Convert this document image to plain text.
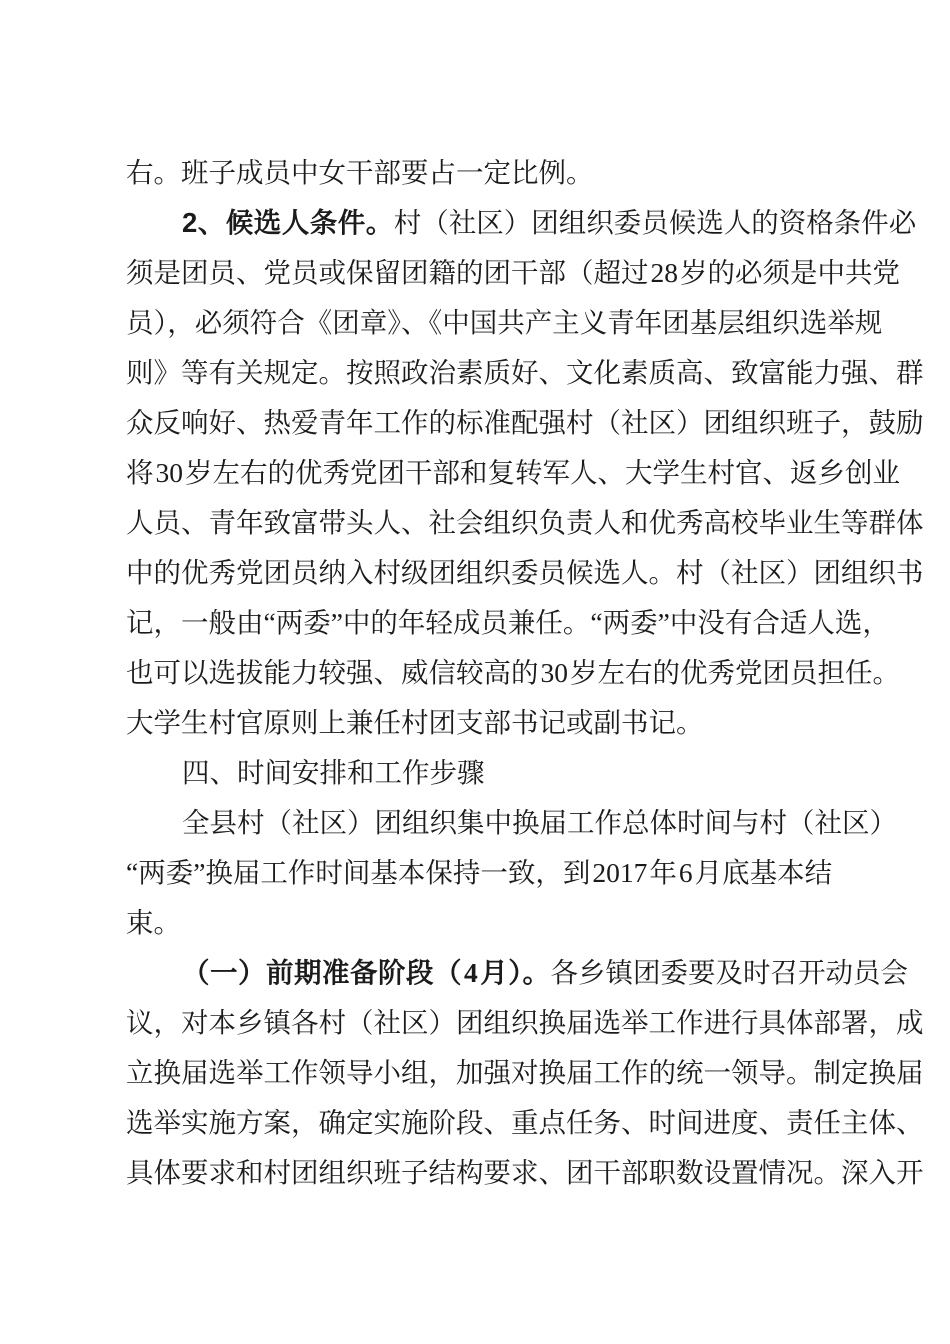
右。班子成员中女干部要占一定比例。
2、候选人条件。村（社区）团组织委员候选人的资格条件必
须是团员、党员或保留团籍的团干部（超过 28 岁的必须是中共党
员），必须符合《团章》、《中国共产主义青年团基层组织选举规
则》等有关规定。按照政治素质好、文化素质高、致富能力强、群
众反响好、热爱青年工作的标准配强村（社区）团组织班子，鼓励
将 30 岁左右的优秀党团干部和复转军人、大学生村官、返乡创业
人员、青年致富带头人、社会组织负责人和优秀高校毕业生等群体
中的优秀党团员纳入村级团组织委员候选人。村（社区）团组织书
记，一般由“两委”中的年轻成员兼任。“两委”中没有合适人选，
也可以选拔能力较强、威信较高的30岁左右的优秀党团员担任。
大学生村官原则上兼任村团支部书记或副书记。
四、时间安排和工作步骤
全县村（社区）团组织集中换届工作总体时间与村（社区）
“两委”换届工作时间基本保持一致，到 2017 年 6 月底基本结
束。
（一）前期准备阶段（4月）。各乡镇团委要及时召开动员会
议，对本乡镇各村（社区）团组织换届选举工作进行具体部署，成
立换届选举工作领导小组，加强对换届工作的统一领导。制定换届
选举实施方案，确定实施阶段、重点任务、时间进度、责任主体、
具体要求和村团组织班子结构要求、团干部职数设置情况。深入开
